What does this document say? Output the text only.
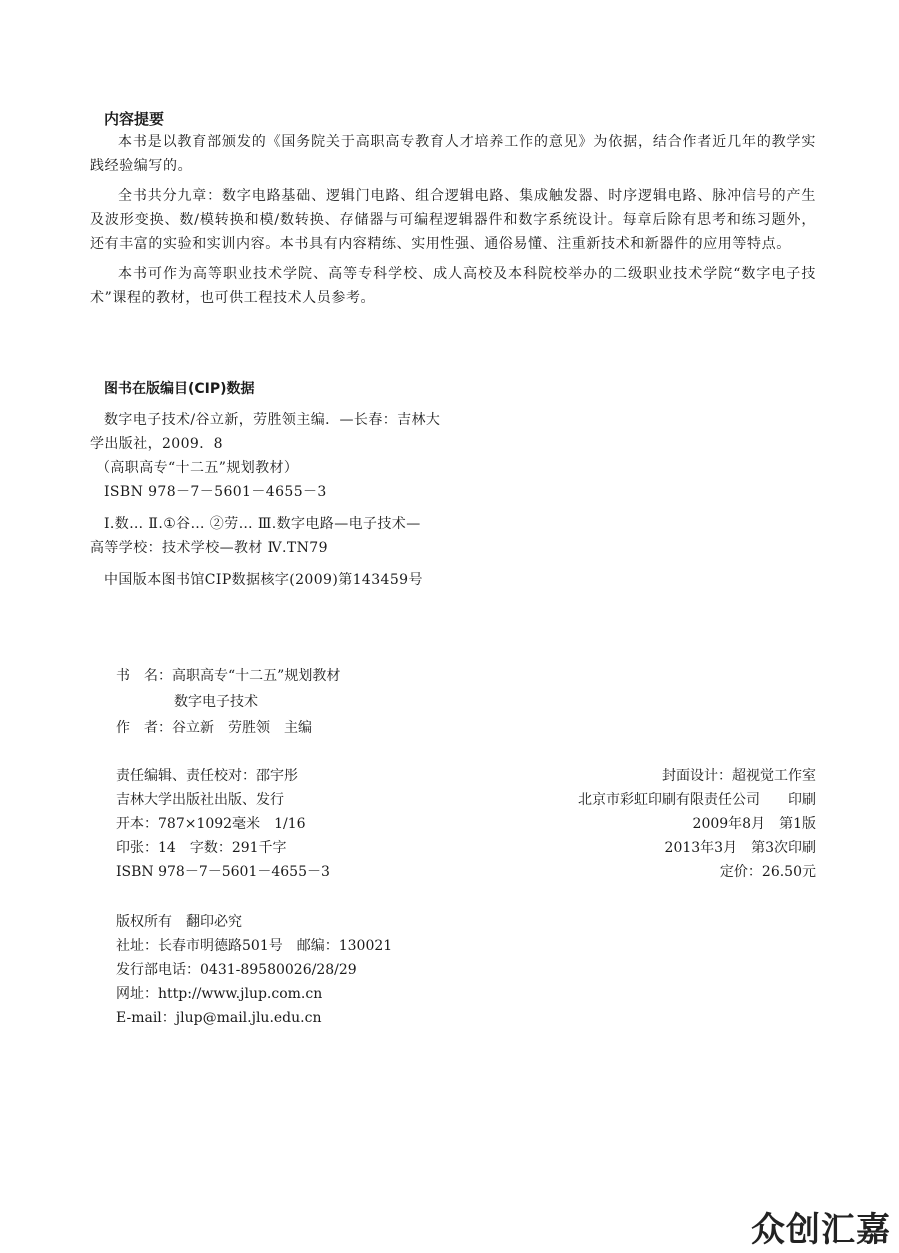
内容提要

本书是以教育部颁发的《国务院关于高职高专教育人才培养工作的意见》为依据，结合作者近几年的教学实践经验编写的。

全书共分九章：数字电路基础、逻辑门电路、组合逻辑电路、集成触发器、时序逻辑电路、脉冲信号的产生及波形变换、数/模转换和模/数转换、存储器与可编程逻辑器件和数字系统设计。每章后除有思考和练习题外，还有丰富的实验和实训内容。本书具有内容精练、实用性强、通俗易懂、注重新技术和新器件的应用等特点。

本书可作为高等职业技术学院、高等专科学校、成人高校及本科院校举办的二级职业技术学院“数字电子技术”课程的教材，也可供工程技术人员参考。

图书在版编目(CIP)数据
数字电子技术/谷立新，劳胜领主编．—长春：吉林大
学出版社，2009．8
（高职高专“十二五”规划教材）
ISBN 978－7－5601－4655－3
Ⅰ.数… Ⅱ.①谷… ②劳… Ⅲ.数字电路—电子技术—
高等学校：技术学校—教材 Ⅳ.TN79
中国版本图书馆CIP数据核字(2009)第143459号
书　名：高职高专“十二五”规划教材
数字电子技术
作　者：谷立新　劳胜领　主编
责任编辑、责任校对：邵宇彤	封面设计：超视觉工作室
吉林大学出版社出版、发行	北京市彩虹印刷有限责任公司　　印刷
开本：787×1092毫米　1/16	2009年8月　第1版
印张：14　字数：291千字	2013年3月　第3次印刷
ISBN 978－7－5601－4655－3	定价：26.50元
版权所有　翻印必究
社址：长春市明德路501号　邮编：130021
发行部电话：0431-89580026/28/29
网址：http://www.jlup.com.cn
E-mail：jlup@mail.jlu.edu.cn
众创汇嘉
